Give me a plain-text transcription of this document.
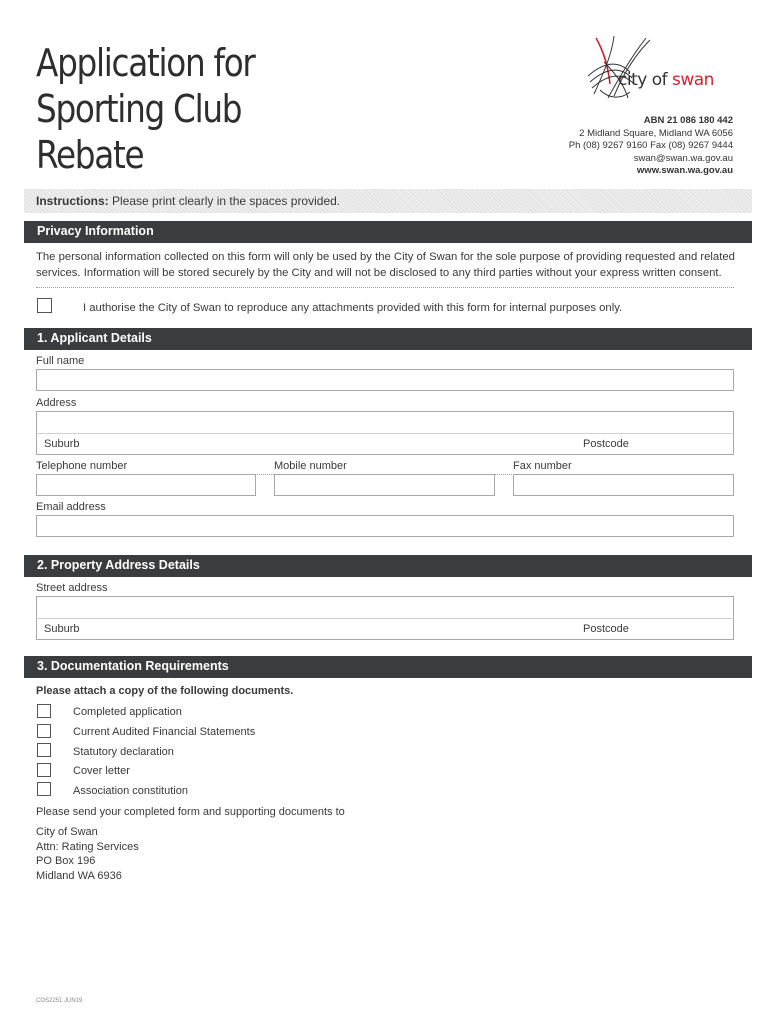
Application for
Sporting Club
Rebate
city of swan
ABN 21 086 180 442
2 Midland Square, Midland WA 6056
Ph (08) 9267 9160 Fax (08) 9267 9444
swan@swan.wa.gov.au
www.swan.wa.gov.au
Instructions: Please print clearly in the spaces provided.
Privacy Information
The personal information collected on this form will only be used by the City of Swan for the sole purpose of providing requested and related services. Information will be stored securely by the City and will not be disclosed to any third parties without your express written consent.
I authorise the City of Swan to reproduce any attachments provided with this form for internal purposes only.
1. Applicant Details
Full name
Address
Suburb	Postcode
Telephone number	Mobile number	Fax number
Email address
2. Property Address Details
Street address
Suburb	Postcode
3. Documentation Requirements
Please attach a copy of the following documents.
Completed application
Current Audited Financial Statements
Statutory declaration
Cover letter
Association constitution
Please send your completed form and supporting documents to
City of Swan
Attn: Rating Services
PO Box 196
Midland WA 6936
COS2251 JUN19
